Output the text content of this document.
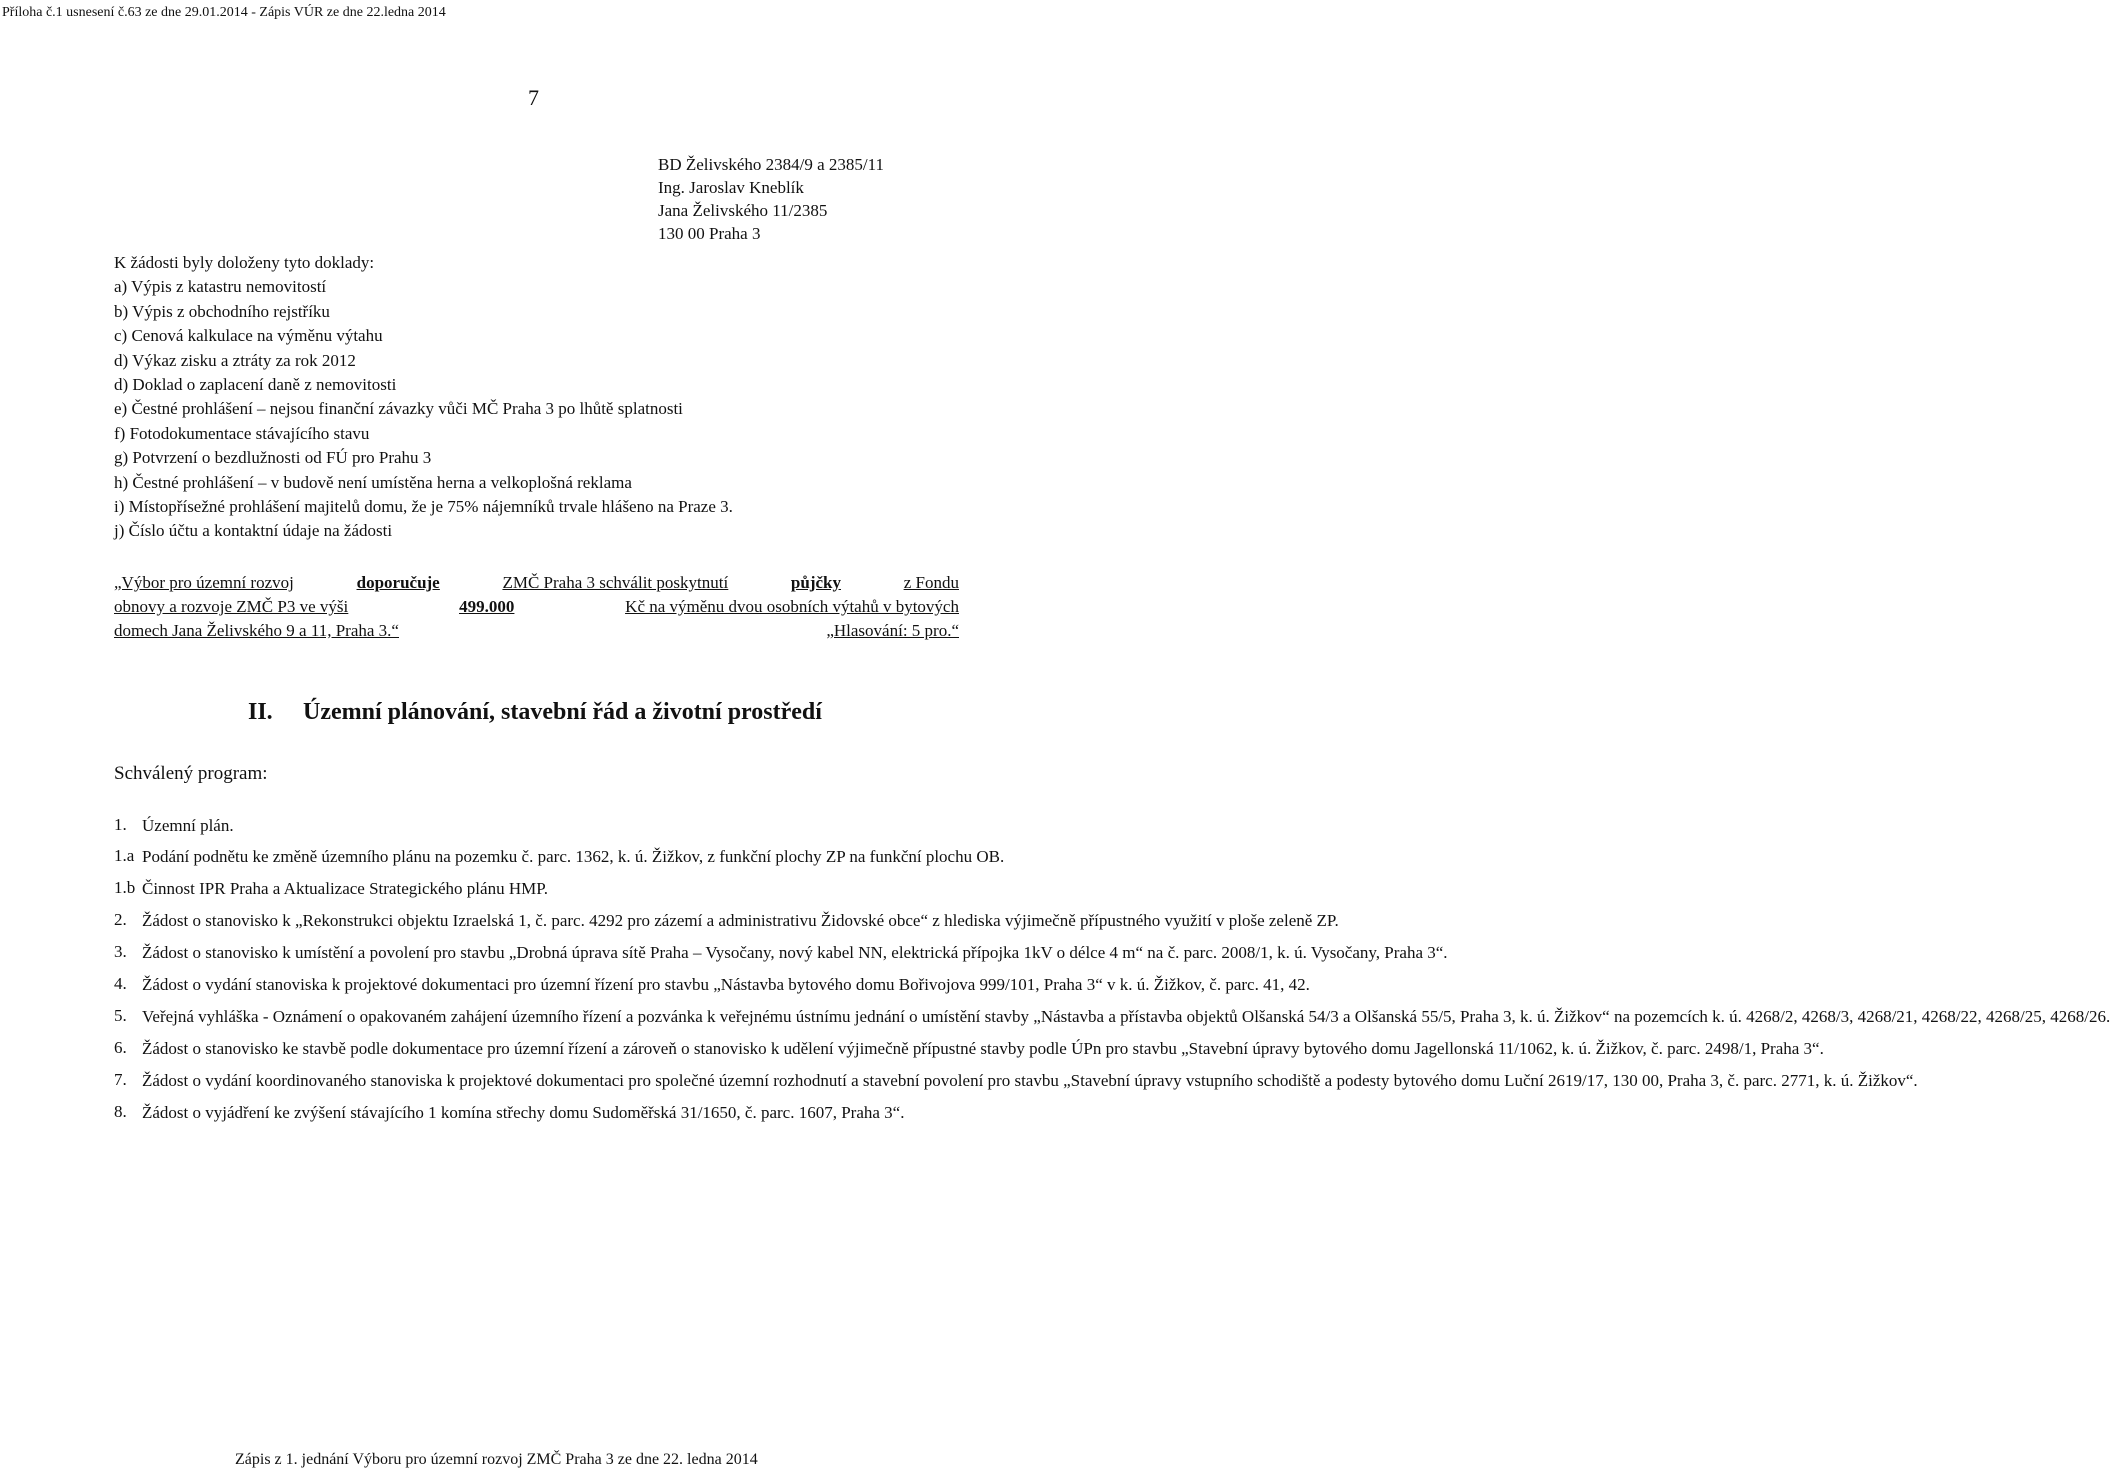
Příloha č.1 usnesení č.63 ze dne 29.01.2014 - Zápis VÚR ze dne 22.ledna 2014
7
BD Želivského 2384/9 a 2385/11
Ing. Jaroslav Kneblík
Jana Želivského 11/2385
130 00 Praha 3
K žádosti byly doloženy tyto doklady:
a) Výpis z katastru nemovitostí
b) Výpis z obchodního rejstříku
c) Cenová kalkulace na výměnu výtahu
d) Výkaz zisku a ztráty za rok 2012
d) Doklad o zaplacení daně z nemovitosti
e) Čestné prohlášení – nejsou finanční závazky vůči MČ Praha 3 po lhůtě splatnosti
f) Fotodokumentace stávajícího stavu
g) Potvrzení o bezdlužnosti od FÚ pro Prahu 3
h) Čestné prohlášení – v budově není umístěna herna a velkoplošná reklama
i) Místopřísežné prohlášení majitelů domu, že je 75% nájemníků trvale hlášeno na Praze 3.
j) Číslo účtu a kontaktní údaje na žádosti
„Výbor pro územní rozvoj	doporučuje	ZMČ Praha 3 schválit poskytnutí	půjčky	z Fondu
obnovy a rozvoje ZMČ P3 ve výši	499.000	Kč na výměnu dvou osobních výtahů v bytových
domech Jana Želivského 9 a 11, Praha 3.“	„Hlasování: 5 pro.“
II. Územní plánování, stavební řád a životní prostředí
Schválený program:
1. Územní plán.
1.a Podání podnětu ke změně územního plánu na pozemku č. parc. 1362, k. ú. Žižkov, z funkční plochy ZP na funkční plochu OB.
1.b Činnost IPR Praha a Aktualizace Strategického plánu HMP.
2. Žádost o stanovisko k „Rekonstrukci objektu Izraelská 1, č. parc. 4292 pro zázemí a administrativu Židovské obce“ z hlediska výjimečně přípustného využití v ploše zeleně ZP.
3. Žádost o stanovisko k umístění a povolení pro stavbu „Drobná úprava sítě Praha – Vysočany, nový kabel NN, elektrická přípojka 1kV o délce 4 m“ na č. parc. 2008/1, k. ú. Vysočany, Praha 3“.
4. Žádost o vydání stanoviska k projektové dokumentaci pro územní řízení pro stavbu „Nástavba bytového domu Bořivojova 999/101, Praha 3“ v k. ú. Žižkov, č. parc. 41, 42.
5. Veřejná vyhláška - Oznámení o opakovaném zahájení územního řízení a pozvánka k veřejnému ústnímu jednání o umístění stavby „Nástavba a přístavba objektů Olšanská 54/3 a Olšanská 55/5, Praha 3, k. ú. Žižkov“ na pozemcích k. ú. 4268/2, 4268/3, 4268/21, 4268/22, 4268/25, 4268/26.
6. Žádost o stanovisko ke stavbě podle dokumentace pro územní řízení a zároveň o stanovisko k udělení výjimečně přípustné stavby podle ÚPn pro stavbu „Stavební úpravy bytového domu Jagellonská 11/1062, k. ú. Žižkov, č. parc. 2498/1, Praha 3“.
7. Žádost o vydání koordinovaného stanoviska k projektové dokumentaci pro společné územní rozhodnutí a stavební povolení pro stavbu „Stavební úpravy vstupního schodiště a podesty bytového domu Luční 2619/17, 130 00, Praha 3, č. parc. 2771, k. ú. Žižkov“.
8. Žádost o vyjádření ke zvýšení stávajícího 1 komína střechy domu Sudoměřská 31/1650, č. parc. 1607, Praha 3“.
Zápis z 1. jednání Výboru pro územní rozvoj ZMČ Praha 3 ze dne 22. ledna 2014
